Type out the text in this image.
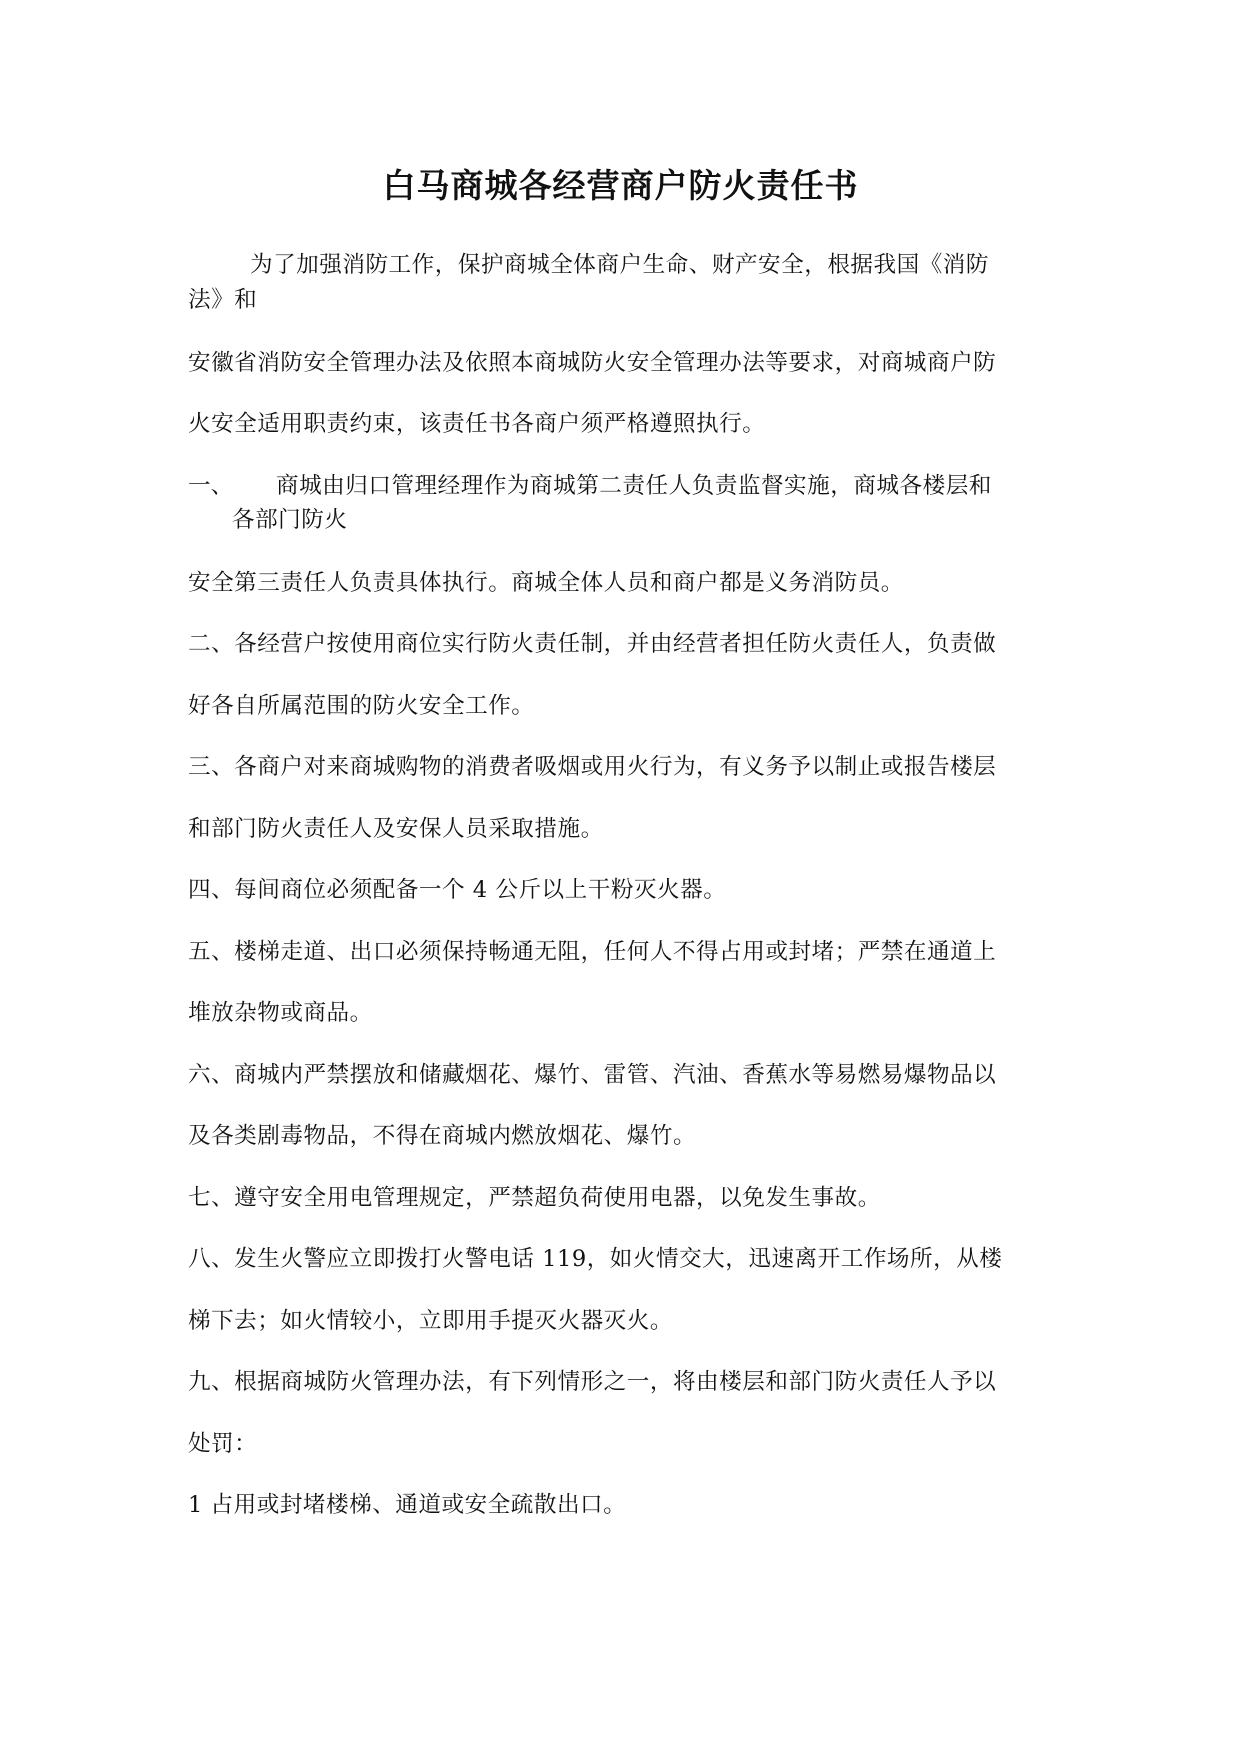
白马商城各经营商户防火责任书

为了加强消防工作，保护商城全体商户生命、财产安全，根据我国《消防

法》和

安徽省消防安全管理办法及依照本商城防火安全管理办法等要求，对商城商户防

火安全适用职责约束，该责任书各商户须严格遵照执行。

一、 商城由归口管理经理作为商城第二责任人负责监督实施，商城各楼层和

各部门防火

安全第三责任人负责具体执行。商城全体人员和商户都是义务消防员。

二、各经营户按使用商位实行防火责任制，并由经营者担任防火责任人，负责做

好各自所属范围的防火安全工作。

三、各商户对来商城购物的消费者吸烟或用火行为，有义务予以制止或报告楼层

和部门防火责任人及安保人员采取措施。

四、每间商位必须配备一个 4 公斤以上干粉灭火器。

五、楼梯走道、出口必须保持畅通无阻，任何人不得占用或封堵；严禁在通道上

堆放杂物或商品。

六、商城内严禁摆放和储藏烟花、爆竹、雷管、汽油、香蕉水等易燃易爆物品以

及各类剧毒物品，不得在商城内燃放烟花、爆竹。

七、遵守安全用电管理规定，严禁超负荷使用电器，以免发生事故。

八、发生火警应立即拨打火警电话 119，如火情交大，迅速离开工作场所，从楼

梯下去；如火情较小，立即用手提灭火器灭火。

九、根据商城防火管理办法，有下列情形之一，将由楼层和部门防火责任人予以

处罚：

1 占用或封堵楼梯、通道或安全疏散出口。
